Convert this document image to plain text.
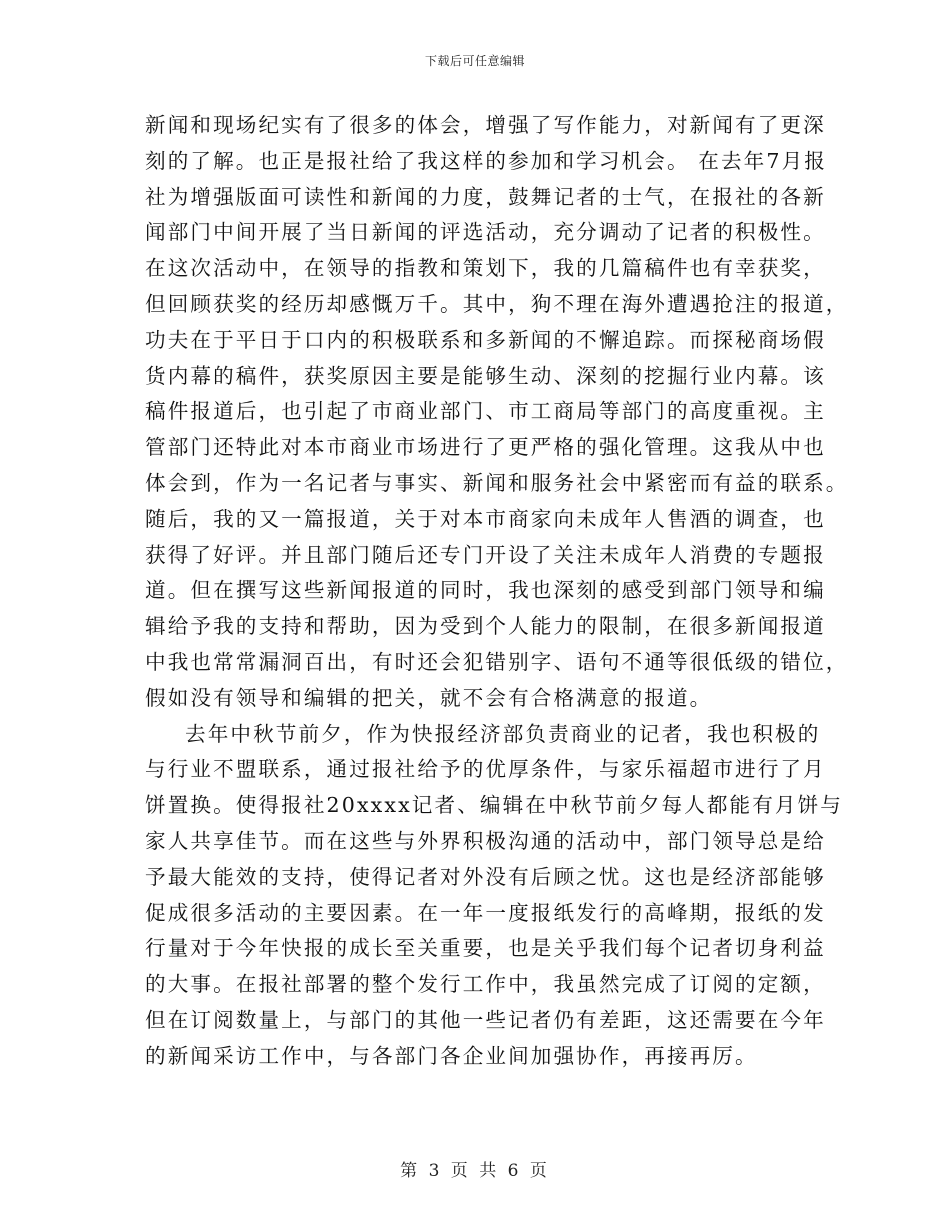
下载后可任意编辑
新闻和现场纪实有了很多的体会，增强了写作能力，对新闻有了更深
刻的了解。也正是报社给了我这样的参加和学习机会。 在去年7月报
社为增强版面可读性和新闻的力度，鼓舞记者的士气，在报社的各新
闻部门中间开展了当日新闻的评选活动，充分调动了记者的积极性。
在这次活动中，在领导的指教和策划下，我的几篇稿件也有幸获奖，
但回顾获奖的经历却感慨万千。其中，狗不理在海外遭遇抢注的报道，
功夫在于平日于口内的积极联系和多新闻的不懈追踪。而探秘商场假
货内幕的稿件，获奖原因主要是能够生动、深刻的挖掘行业内幕。该
稿件报道后，也引起了市商业部门、市工商局等部门的高度重视。主
管部门还特此对本市商业市场进行了更严格的强化管理。这我从中也
体会到，作为一名记者与事实、新闻和服务社会中紧密而有益的联系。
随后，我的又一篇报道，关于对本市商家向未成年人售酒的调查，也
获得了好评。并且部门随后还专门开设了关注未成年人消费的专题报
道。但在撰写这些新闻报道的同时，我也深刻的感受到部门领导和编
辑给予我的支持和帮助，因为受到个人能力的限制，在很多新闻报道
中我也常常漏洞百出，有时还会犯错别字、语句不通等很低级的错位，
假如没有领导和编辑的把关，就不会有合格满意的报道。
去年中秋节前夕，作为快报经济部负责商业的记者，我也积极的
与行业不盟联系，通过报社给予的优厚条件，与家乐福超市进行了月
饼置换。使得报社20xxxx记者、编辑在中秋节前夕每人都能有月饼与
家人共享佳节。而在这些与外界积极沟通的活动中，部门领导总是给
予最大能效的支持，使得记者对外没有后顾之忧。这也是经济部能够
促成很多活动的主要因素。在一年一度报纸发行的高峰期，报纸的发
行量对于今年快报的成长至关重要，也是关乎我们每个记者切身利益
的大事。在报社部署的整个发行工作中，我虽然完成了订阅的定额，
但在订阅数量上，与部门的其他一些记者仍有差距，这还需要在今年
的新闻采访工作中，与各部门各企业间加强协作，再接再厉。
第 3 页 共 6 页
